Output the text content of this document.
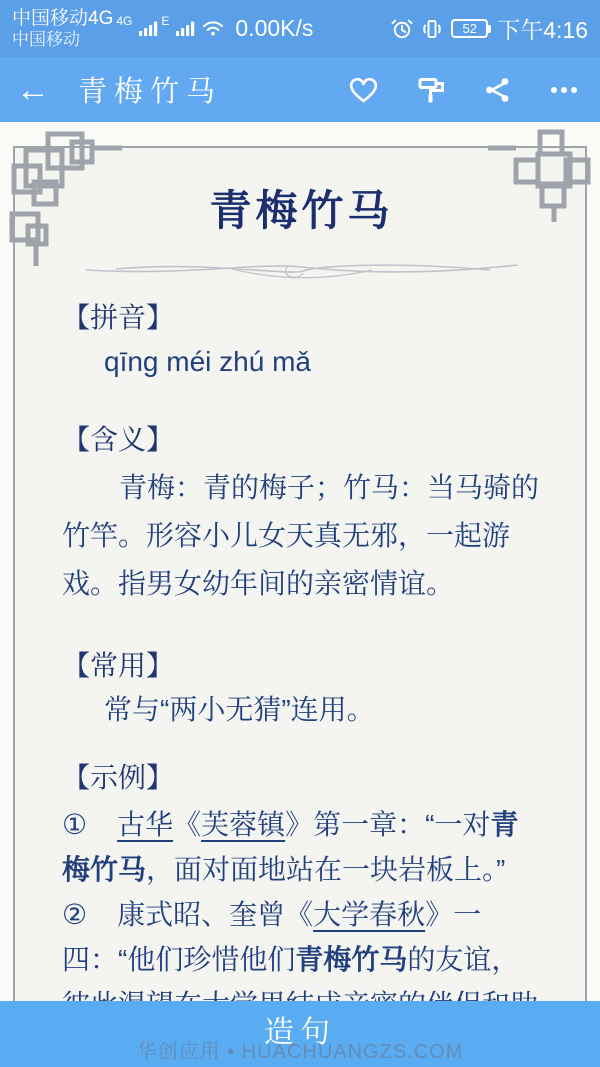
中国移动4G
中国移动
4G E	0.00K/s	52 下午4:16
← 青梅竹马
青梅竹马
【拼音】
qīng méi zhú mǎ
【含义】
青梅：青的梅子；竹马：当马骑的竹竿。形容小儿女天真无邪，一起游戏。指男女幼年间的亲密情谊。
【常用】
常与“两小无猜”连用。
【示例】

① 古华《芙蓉镇》第一章：“一对青梅竹马，面对面地站在一块岩板上。”

② 康式昭、奎曾《大学春秋》一四：“他们珍惜他们青梅竹马的友谊，

造句
华创应用 • HUACHUANGZS.COM
